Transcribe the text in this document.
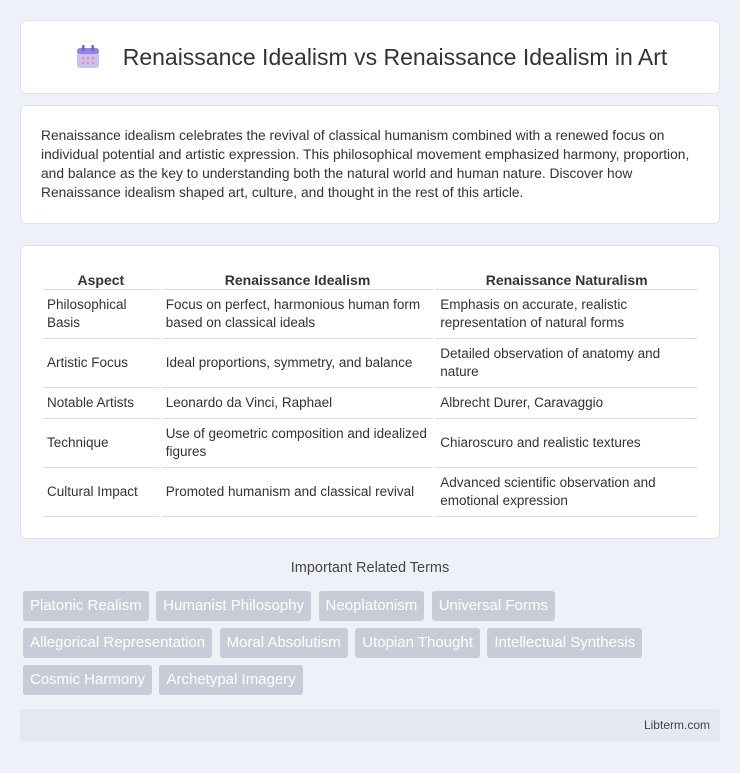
Renaissance Idealism vs Renaissance Idealism in Art

Renaissance idealism celebrates the revival of classical humanism combined with a renewed focus on individual potential and artistic expression. This philosophical movement emphasized harmony, proportion, and balance as the key to understanding both the natural world and human nature. Discover how Renaissance idealism shaped art, culture, and thought in the rest of this article.

Aspect	Renaissance Idealism	Renaissance Naturalism
Philosophical Basis	Focus on perfect, harmonious human form based on classical ideals	Emphasis on accurate, realistic representation of natural forms
Artistic Focus	Ideal proportions, symmetry, and balance	Detailed observation of anatomy and nature
Notable Artists	Leonardo da Vinci, Raphael	Albrecht Durer, Caravaggio
Technique	Use of geometric composition and idealized figures	Chiaroscuro and realistic textures
Cultural Impact	Promoted humanism and classical revival	Advanced scientific observation and emotional expression
Important Related Terms
Platonic Realism Humanist Philosophy Neoplatonism Universal Forms Allegorical Representation Moral Absolutism Utopian Thought Intellectual Synthesis Cosmic Harmony Archetypal Imagery
Libterm.com
